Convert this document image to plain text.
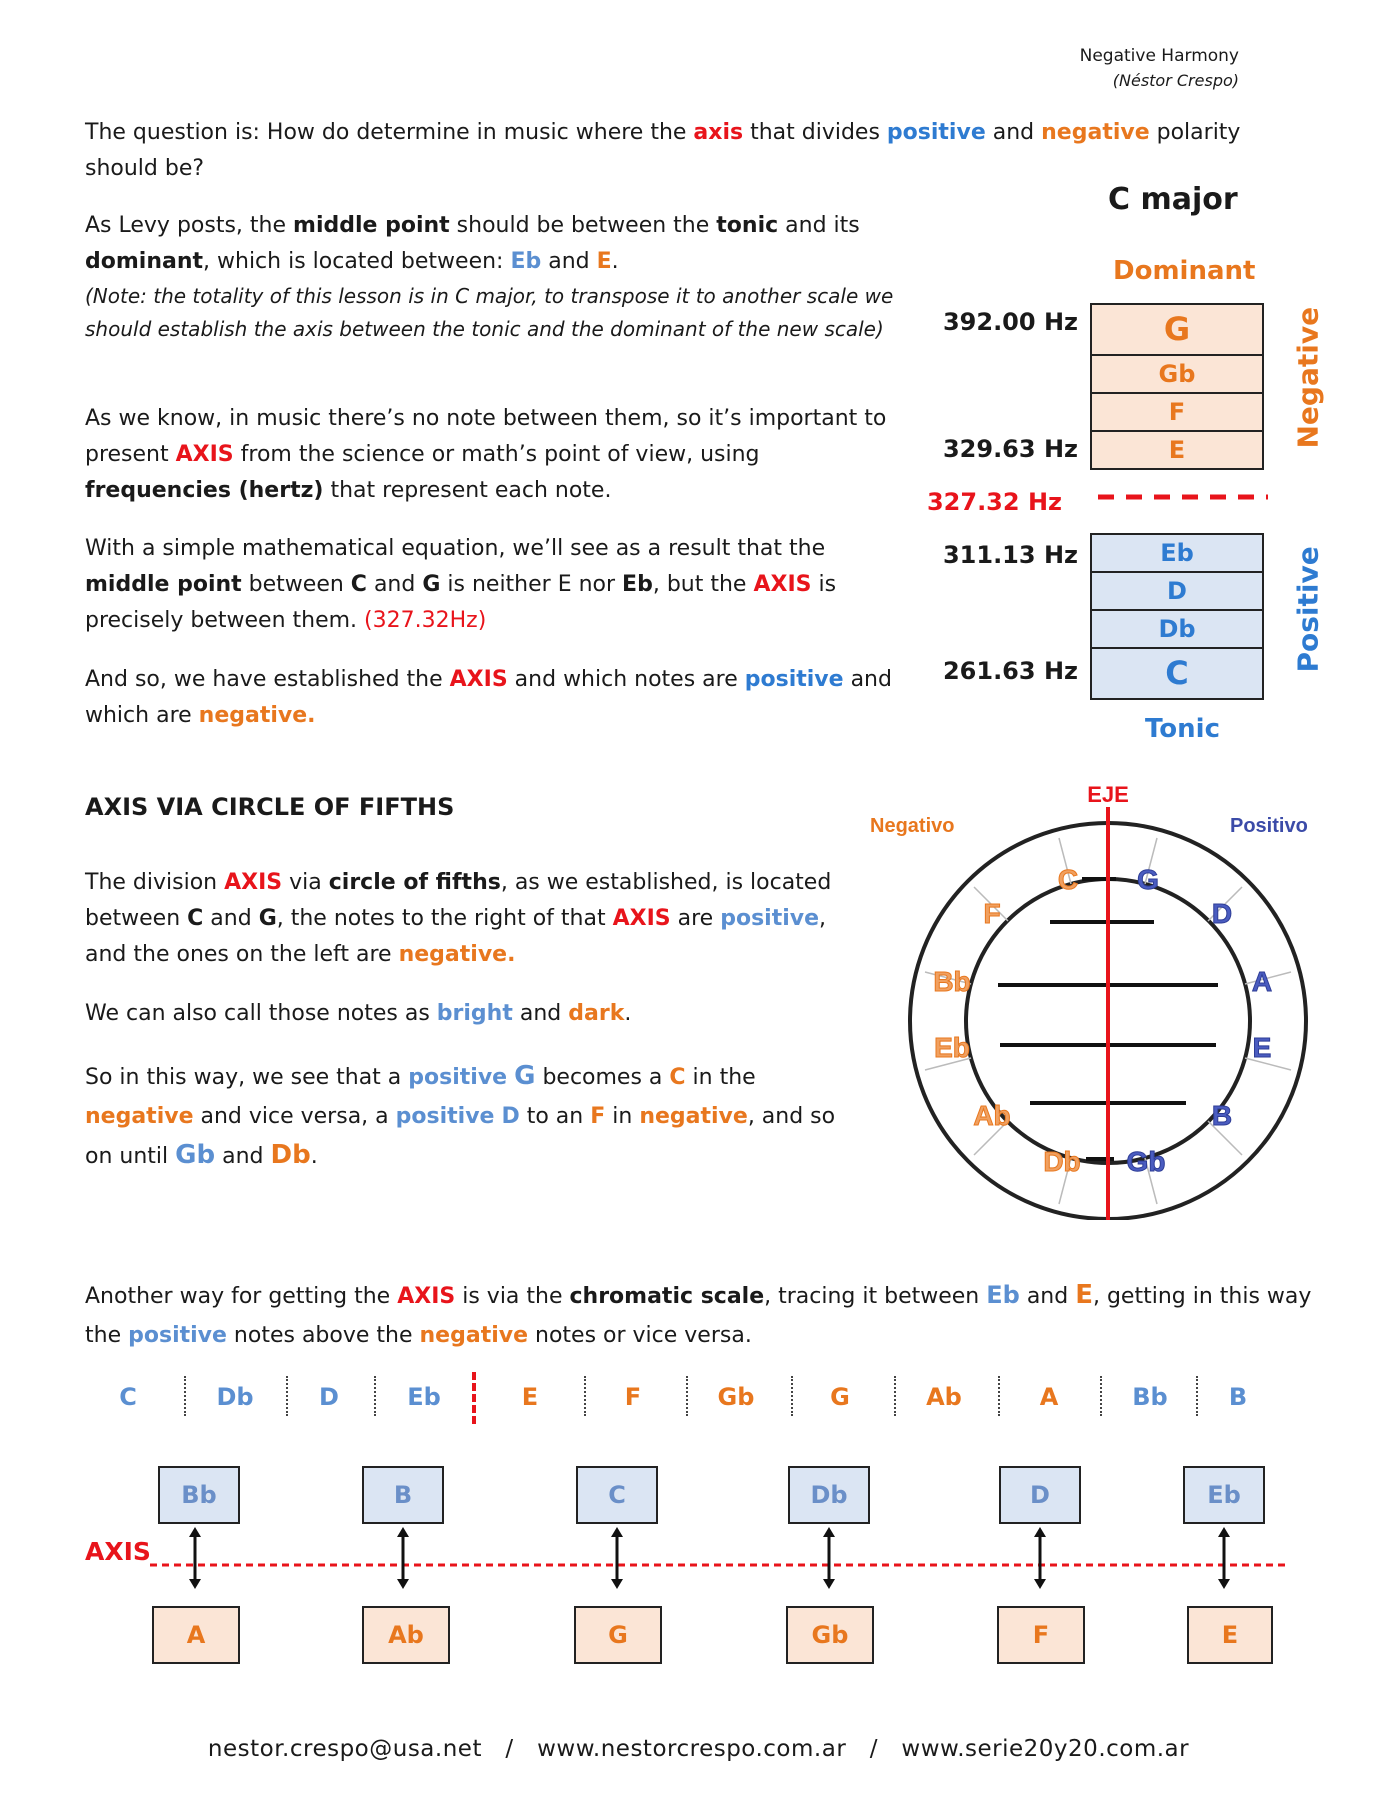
Negative Harmony
(Néstor Crespo)
The question is: How do determine in music where the axis that divides positive and negative polarity should be?
As Levy posts, the middle point should be between the tonic and its dominant, which is located between: Eb and E.
(Note: the totality of this lesson is in C major, to transpose it to another scale we should establish the axis between the tonic and the dominant of the new scale)
As we know, in music there’s no note between them, so it’s important to present AXIS from the science or math’s point of view, using frequencies (hertz) that represent each note.
With a simple mathematical equation, we’ll see as a result that the middle point between C and G is neither E nor Eb, but the AXIS is precisely between them. (327.32Hz)
And so, we have established the AXIS and which notes are positive and which are negative.
C major
Dominant
392.00 Hz
329.63 Hz
327.32 Hz
311.13 Hz
261.63 Hz
G
Gb
F
E
Eb
D
Db
C
Negative
Positive
Tonic
AXIS VIA CIRCLE OF FIFTHS
The division AXIS via circle of fifths, as we established, is located between C and G, the notes to the right of that AXIS are positive, and the ones on the left are negative.
We can also call those notes as bright and dark.
So in this way, we see that a positive G becomes a C in the negative and vice versa, a positive D to an F in negative, and so on until Gb and Db.
EJE
Negativo	Positivo
C
F
Bb
Eb
Ab
Db
G
D
A
E
B
Gb
Another way for getting the AXIS is via the chromatic scale, tracing it between Eb and E, getting in this way the positive notes above the negative notes or vice versa.
C	Db	D	Eb	E	F	Gb	G	Ab	A	Bb	B
Bb	B	C	Db	D	Eb
AXIS
A	Ab	G	Gb	F	E
nestor.crespo@usa.net / www.nestorcrespo.com.ar / www.serie20y20.com.ar
